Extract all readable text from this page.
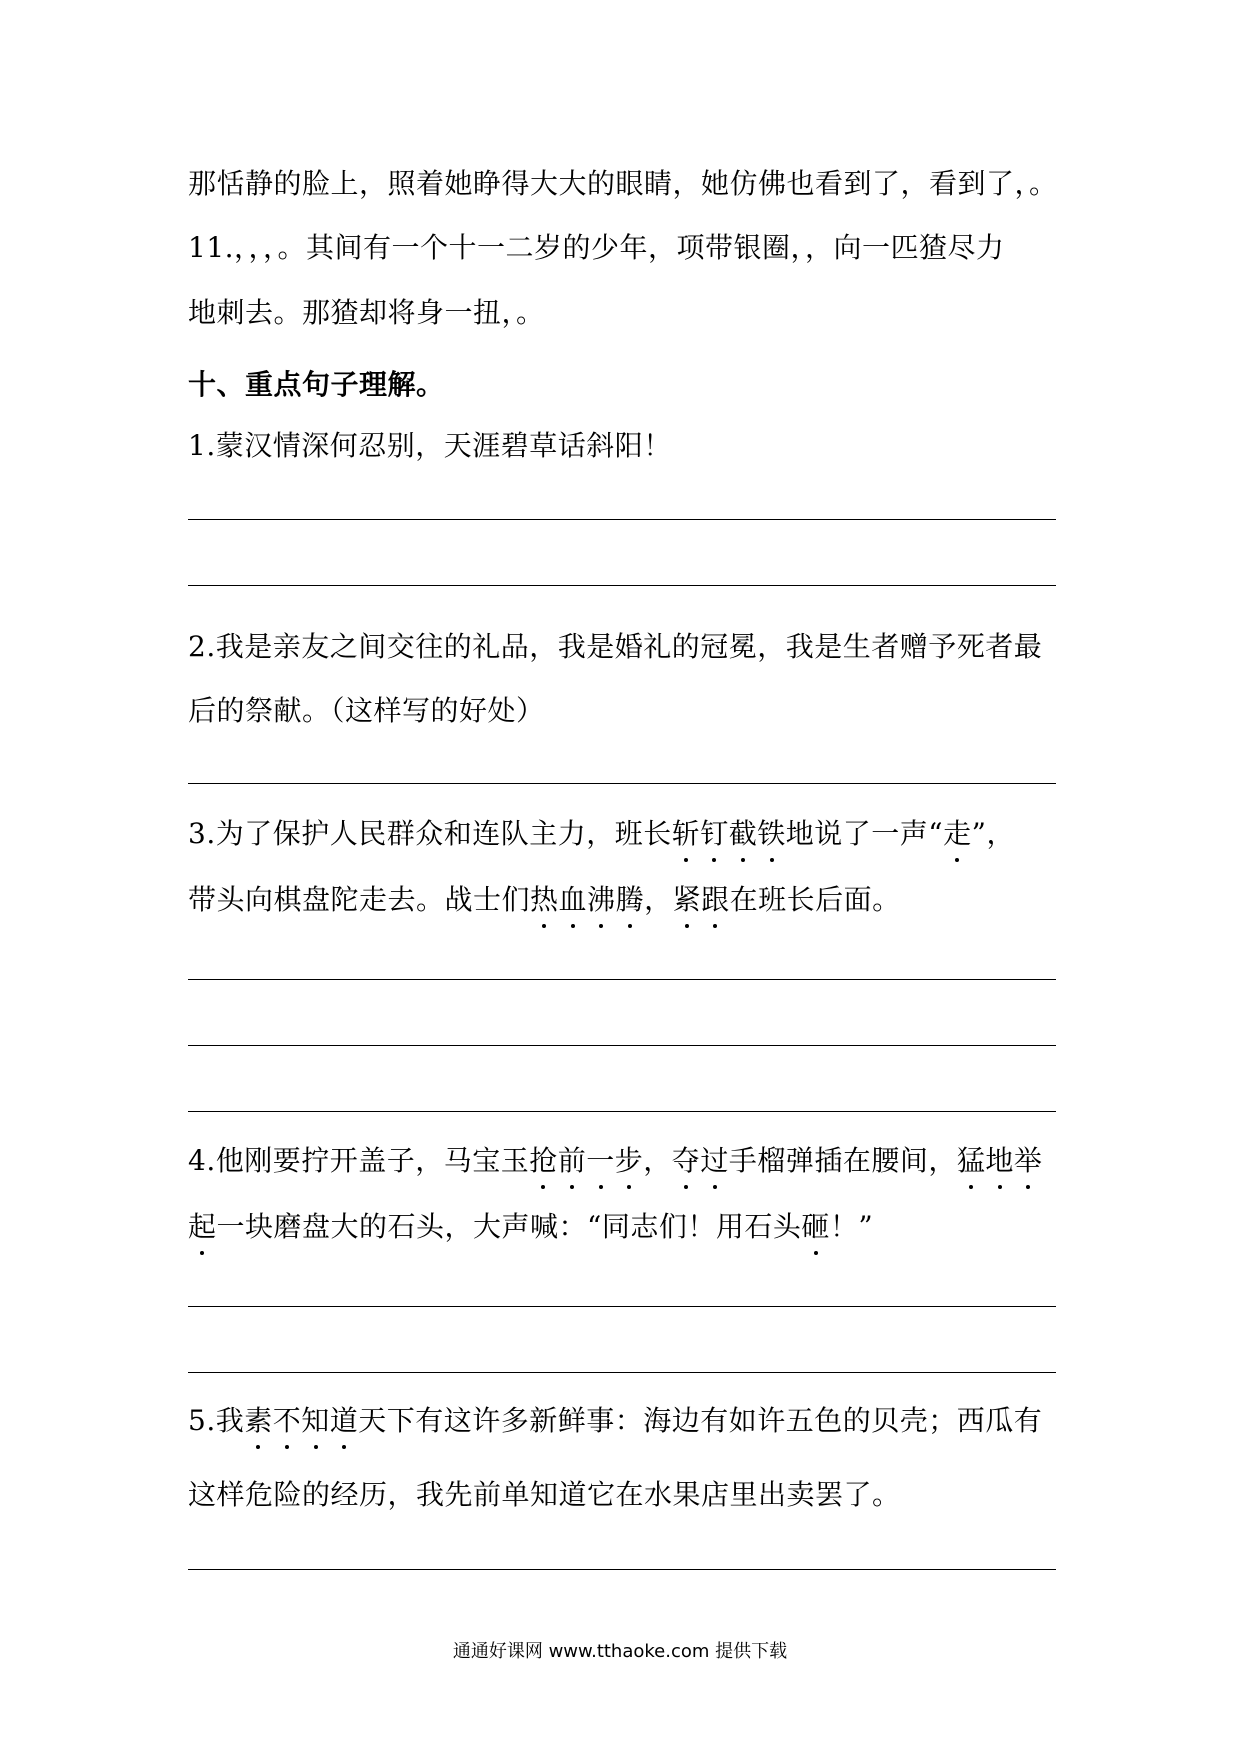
那恬静的脸上，照着她睁得大大的眼睛，她仿佛也看到了，看到了，。
11.，，，。其间有一个十一二岁的少年，项带银圈，，向一匹猹尽力
地刺去。那猹却将身一扭，。
十、重点句子理解。
1.蒙汉情深何忍别，天涯碧草话斜阳！
2.我是亲友之间交往的礼品，我是婚礼的冠冕，我是生者赠予死者最
后的祭献。（这样写的好处）
3.为了保护人民群众和连队主力，班长斩钉截铁地说了一声“走”，
带头向棋盘陀走去。战士们热血沸腾，紧跟在班长后面。
4.他刚要拧开盖子，马宝玉抢前一步，夺过手榴弹插在腰间，猛地举
起一块磨盘大的石头，大声喊：“同志们！用石头砸！”
5.我素不知道天下有这许多新鲜事：海边有如许五色的贝壳；西瓜有
这样危险的经历，我先前单知道它在水果店里出卖罢了。
通通好课网 www.tthaoke.com 提供下载
